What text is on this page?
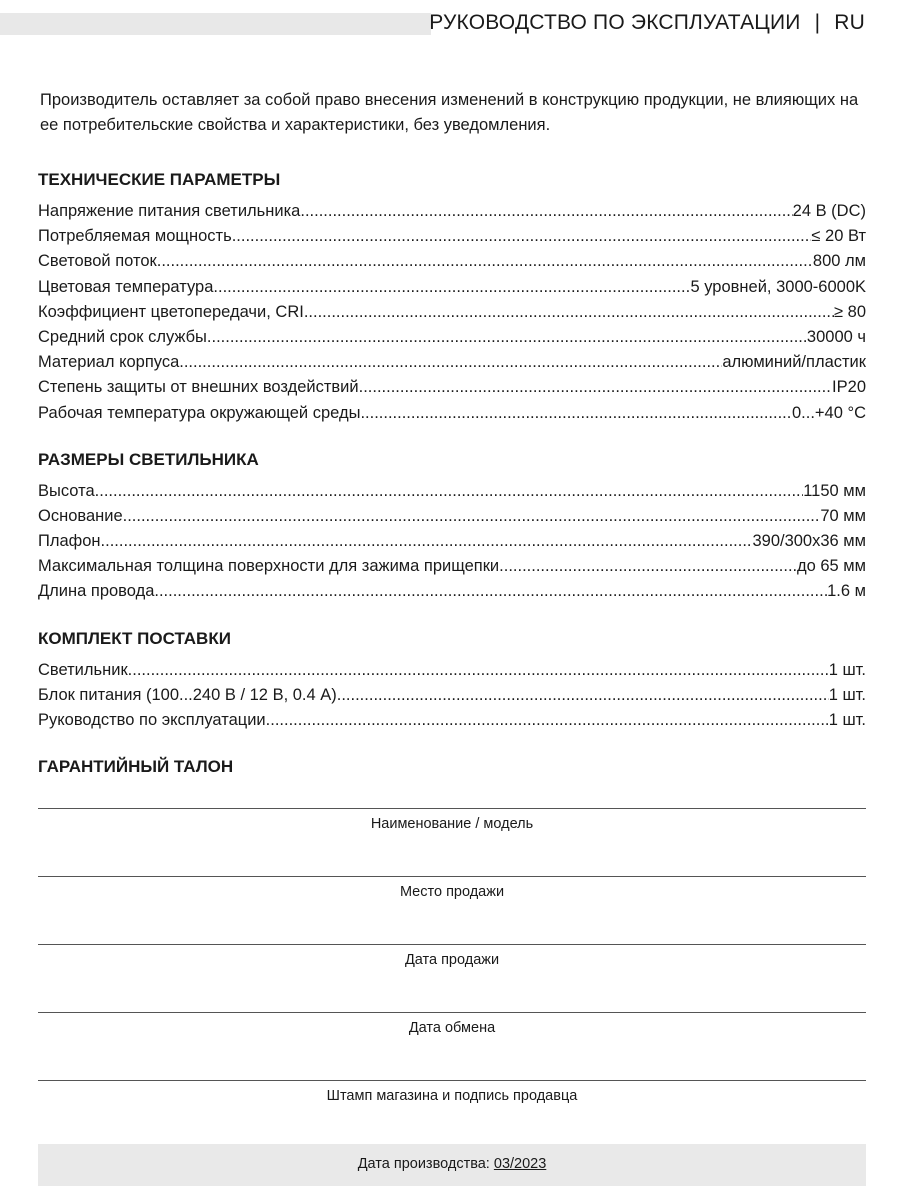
РУКОВОДСТВО ПО ЭКСПЛУАТАЦИИ | RU
Производитель оставляет за собой право внесения изменений в конструкцию продукции, не влияющих на ее потребительские свойства и характеристики, без уведомления.
ТЕХНИЧЕСКИЕ ПАРАМЕТРЫ
Напряжение питания светильника .....	24 В (DC)
Потребляемая мощность .....	≤ 20 Вт
Световой поток .....	800 лм
Цветовая температура .....	5 уровней, 3000-6000K
Коэффициент цветопередачи, CRI .....	≥ 80
Средний срок службы .....	30000 ч
Материал корпуса .....	алюминий/пластик
Степень защиты от внешних воздействий .....	IP20
Рабочая температура окружающей среды .....	0...+40 °C
РАЗМЕРЫ СВЕТИЛЬНИКА
Высота .....	1150 мм
Основание .....	70 мм
Плафон .....	390/300x36 мм
Максимальная толщина поверхности для зажима прищепки .....	до 65 мм
Длина провода .....	1.6 м
КОМПЛЕКТ ПОСТАВКИ
Светильник .....	1 шт.
Блок питания (100...240 В / 12 В, 0.4 А) .....	1 шт.
Руководство по эксплуатации .....	1 шт.
ГАРАНТИЙНЫЙ ТАЛОН
Наименование / модель
Место продажи
Дата продажи
Дата обмена
Штамп магазина и подпись продавца
Дата производства: 03/2023
